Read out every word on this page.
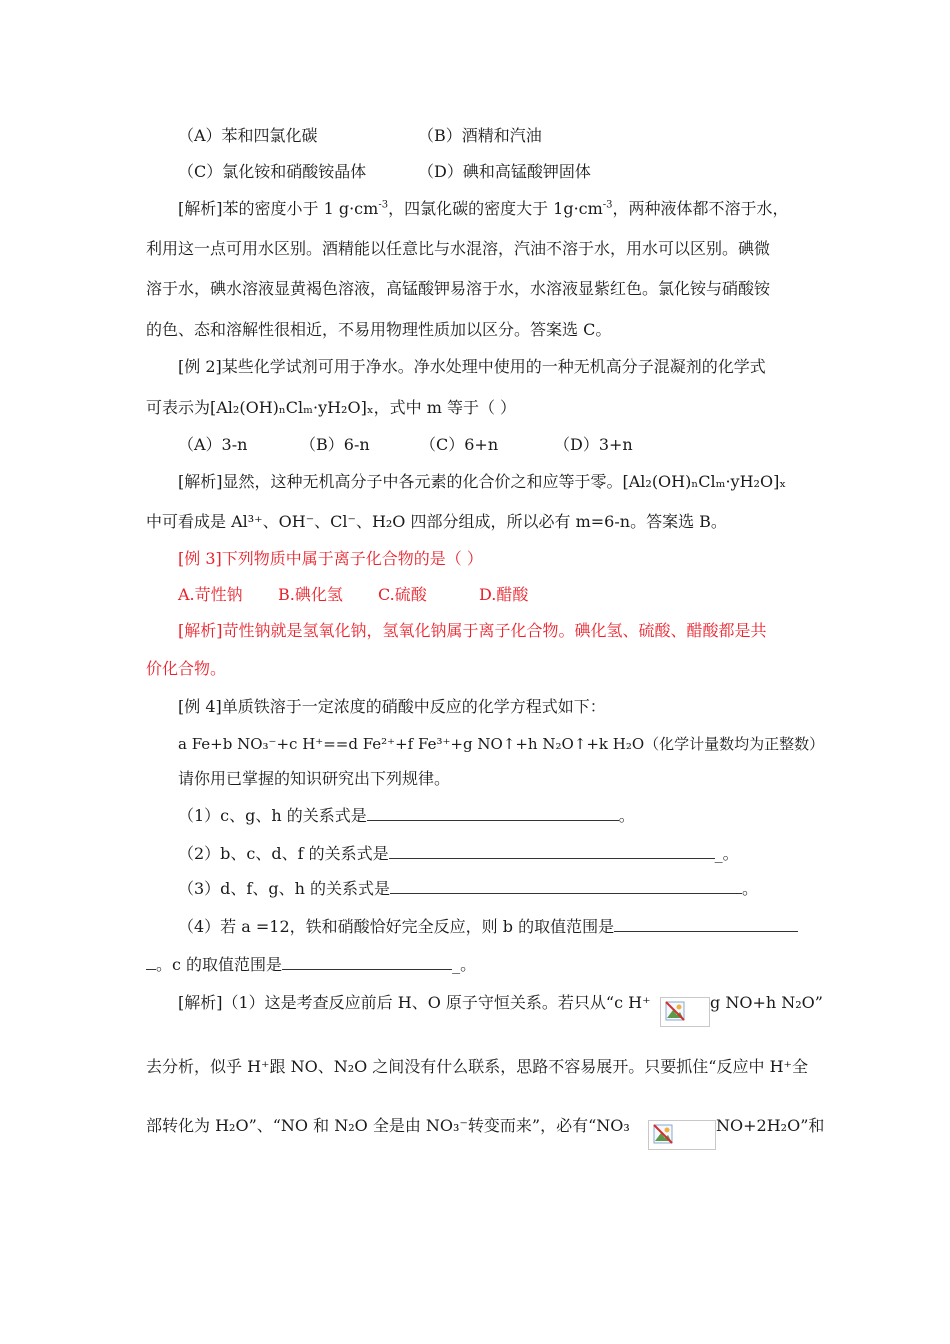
（A）苯和四氯化碳	（B）酒精和汽油
（C）氯化铵和硝酸铵晶体	（D）碘和高锰酸钾固体
[解析]苯的密度小于 1 $g\cdot cm^{-3}$，四氯化碳的密度大于 $1g\cdot cm^{-3}$，两种液体都不溶于水，
利用这一点可用水区别。酒精能以任意比与水混溶，汽油不溶于水，用水可以区别。碘微
溶于水，碘水溶液显黄褐色溶液，高锰酸钾易溶于水，水溶液显紫红色。氯化铵与硝酸铵
的色、态和溶解性很相近，不易用物理性质加以区分。答案选 C。
[例 2]某些化学试剂可用于净水。净水处理中使用的一种无机高分子混凝剂的化学式
可表示为[Al₂(OH)ₙClₘ·yH₂O]ₓ，式中 m 等于（ ）
（A）3-n	（B）6-n	（C）6+n	（D）3+n
[解析]显然，这种无机高分子中各元素的化合价之和应等于零。[Al₂(OH)ₙClₘ·yH₂O]ₓ
中可看成是 Al³⁺、OH⁻、Cl⁻、H₂O 四部分组成，所以必有 m=6-n。答案选 B。
[例 3]下列物质中属于离子化合物的是（ ）
A.苛性钠 B.碘化氢 C.硫酸	D.醋酸
[解析]苛性钠就是氢氧化钠，氢氧化钠属于离子化合物。碘化氢、硫酸、醋酸都是共
价化合物。
[例 4]单质铁溶于一定浓度的硝酸中反应的化学方程式如下：
a Fe+b NO₃⁻+c H⁺==d Fe²⁺+f Fe³⁺+g NO↑+h N₂O↑+k H₂O（化学计量数均为正整数）
请你用已掌握的知识研究出下列规律。
（1）c、g、h 的关系式是	。
（2）b、c、d、f 的关系式是	_。
（3）d、f、g、h 的关系式是	。
（4）若 a =12，铁和硝酸恰好完全反应，则 b 的取值范围是
。c 的取值范围是	_。
[解析]（1）这是考查反应前后 H、O 原子守恒关系。若只从“c H⁺	g NO+h N₂O”
去分析，似乎 H⁺跟 NO、N₂O 之间没有什么联系，思路不容易展开。只要抓住“反应中 H⁺全
部转化为 H₂O”、“NO 和 N₂O 全是由 NO₃⁻转变而来”，必有“NO₃	NO+2H₂O”和
